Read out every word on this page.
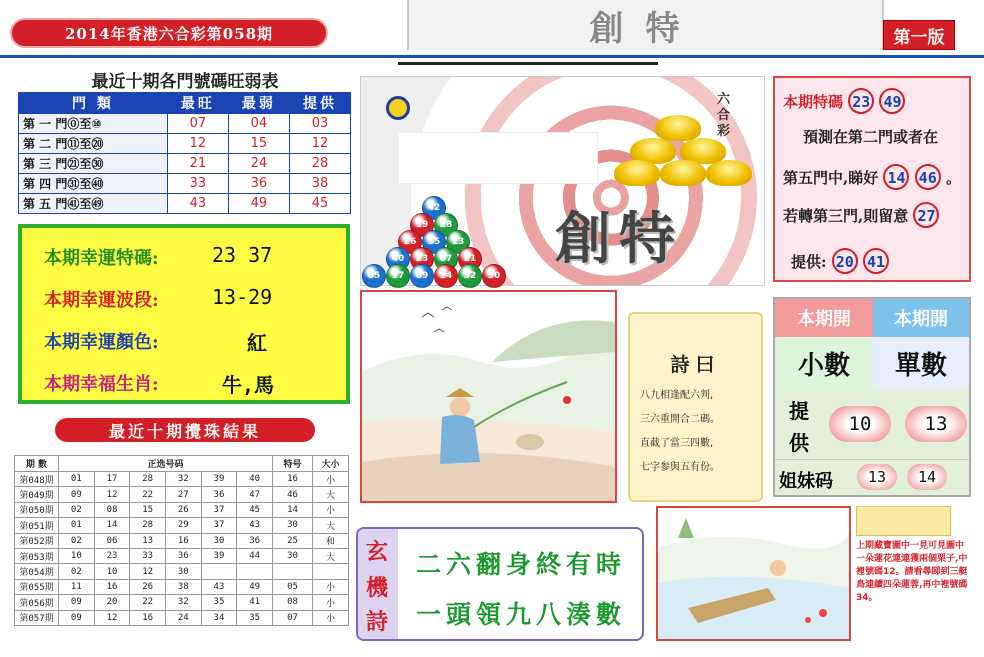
2014年香港六合彩第058期	創特	第一版
最近十期各門號碼旺弱表
門 類	最旺	最弱	提供
第 一 門⓪至⑩	07	04	03
第 二 門⑪至⑳	12	15	12
第 三 門㉑至㉚	21	24	28
第 四 門㉛至㊵	33	36	38
第 五 門㊶至㊾	43	49	45
本期幸運特碼:	23 37
本期幸運波段:	13-29
本期幸運顏色:	紅
本期幸福生肖:	牛,馬
最近十期攪珠結果
期 數	正选号码						特号	大小
第048期	01	17	28	32	39	40	16	小
第049期	09	12	22	27	36	47	46	大
第050期	02	08	15	26	37	45	14	小
第051期	01	14	28	29	37	43	30	大
第052期	02	06	13	16	30	36	25	和
第053期	10	23	33	36	39	44	30	大
第054期	02	10	12	30				
第055期	11	16	26	38	43	49	05	小
第056期	09	20	22	32	35	41	08	小
第057期	09	12	16	24	34	35	07	小
六
合
彩
創特
42
19	28
26	35	13
40	23	07	21
05	17	09	14	32	30
本期特碼 23 49
預測在第二門或者在
第五門中,睇好 14 46 。
若轉第三門,則留意 27
提供: 20 41
詩曰
八九相逢配六判,
三六重開合二碼。
直截了當三四數,
七字参與五有份。
本期開	本期開
小數	單數
提
供
10	13
姐妹码	13	14
玄
機
詩
二六翻身終有時
一頭領九八湊數
上期藏寶圖中一見可見圖中一朵蓮花連連獲兩個栗子,中裡號碼12。請看尋睇到三艇鳥連續四朵蓮蓉,再中裡號碼34。
